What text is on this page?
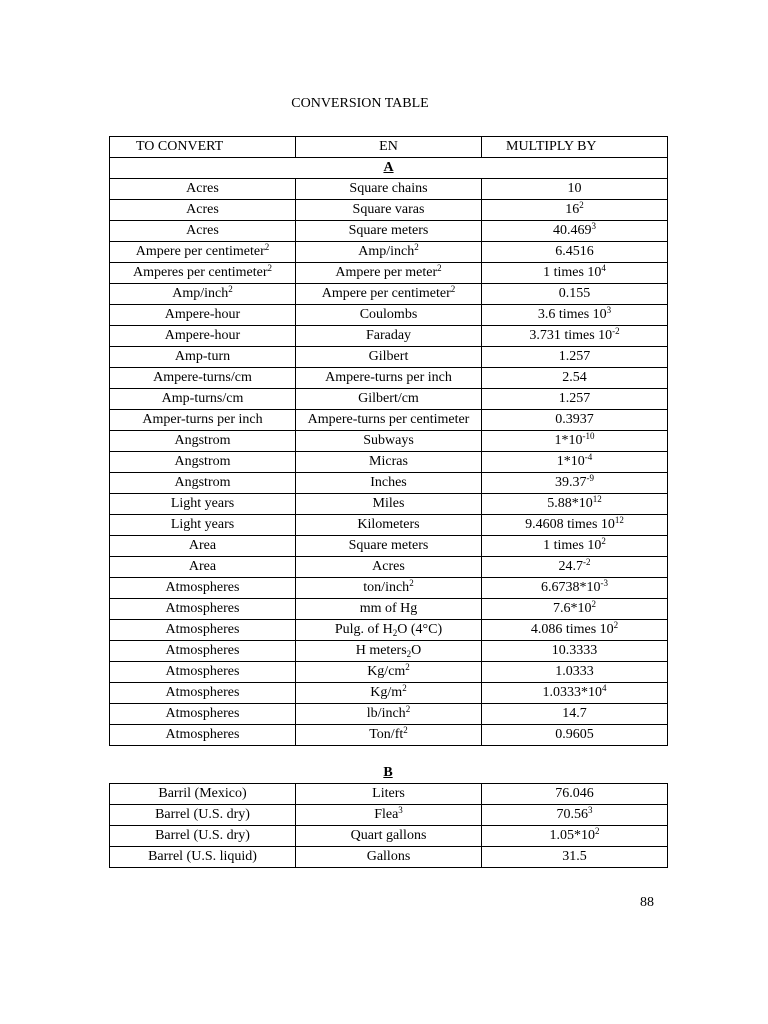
CONVERSION TABLE
TO CONVERT	EN	MULTIPLY BY
A		
Acres	Square chains	10
Acres	Square varas	$16^2$
Acres	Square meters	40.469$^3$
Ampere per centimeter$^2$	Amp/inch$^2$	6.4516
Amperes per centimeter$^2$	Ampere per meter$^2$	1 times $10^4$
Amp/inch$^2$	Ampere per centimeter$^2$	0.155
Ampere-hour	Coulombs	3.6 times $10^3$
Ampere-hour	Faraday	3.731 times $10^{-2}$
Amp-turn	Gilbert	1.257
Ampere-turns/cm	Ampere-turns per inch	2.54
Amp-turns/cm	Gilbert/cm	1.257
Amper-turns per inch	Ampere-turns per centimeter	0.3937
Angstrom	Subways	$1*10^{-10}$
Angstrom	Micras	$1*10^{-4}$
Angstrom	Inches	$39.37^{-9}$
Light years	Miles	$5.88*10^{12}$
Light years	Kilometers	9.4608 times $10^{12}$
Area	Square meters	1 times $10^2$
Area	Acres	$24.7^{-2}$
Atmospheres	ton/inch$^2$	$6.6738*10^{-3}$
Atmospheres	mm of Hg	$7.6*10^2$
Atmospheres	Pulg. of $H_2O$ (4°C)	4.086 times $10^2$
Atmospheres	H meters$_2$O	10.3333
Atmospheres	$Kg/cm^2$	1.0333
Atmospheres	$Kg/m^2$	$1.0333*10^4$
Atmospheres	lb/inch$^2$	14.7
Atmospheres	Ton/$ft^2$	0.9605
B
Barril (Mexico)	Liters	76.046
Barrel (U.S. dry)	Flea$^3$	70.56$^3$
Barrel (U.S. dry)	Quart gallons	$1.05*10^2$
Barrel (U.S. liquid)	Gallons	31.5
88
